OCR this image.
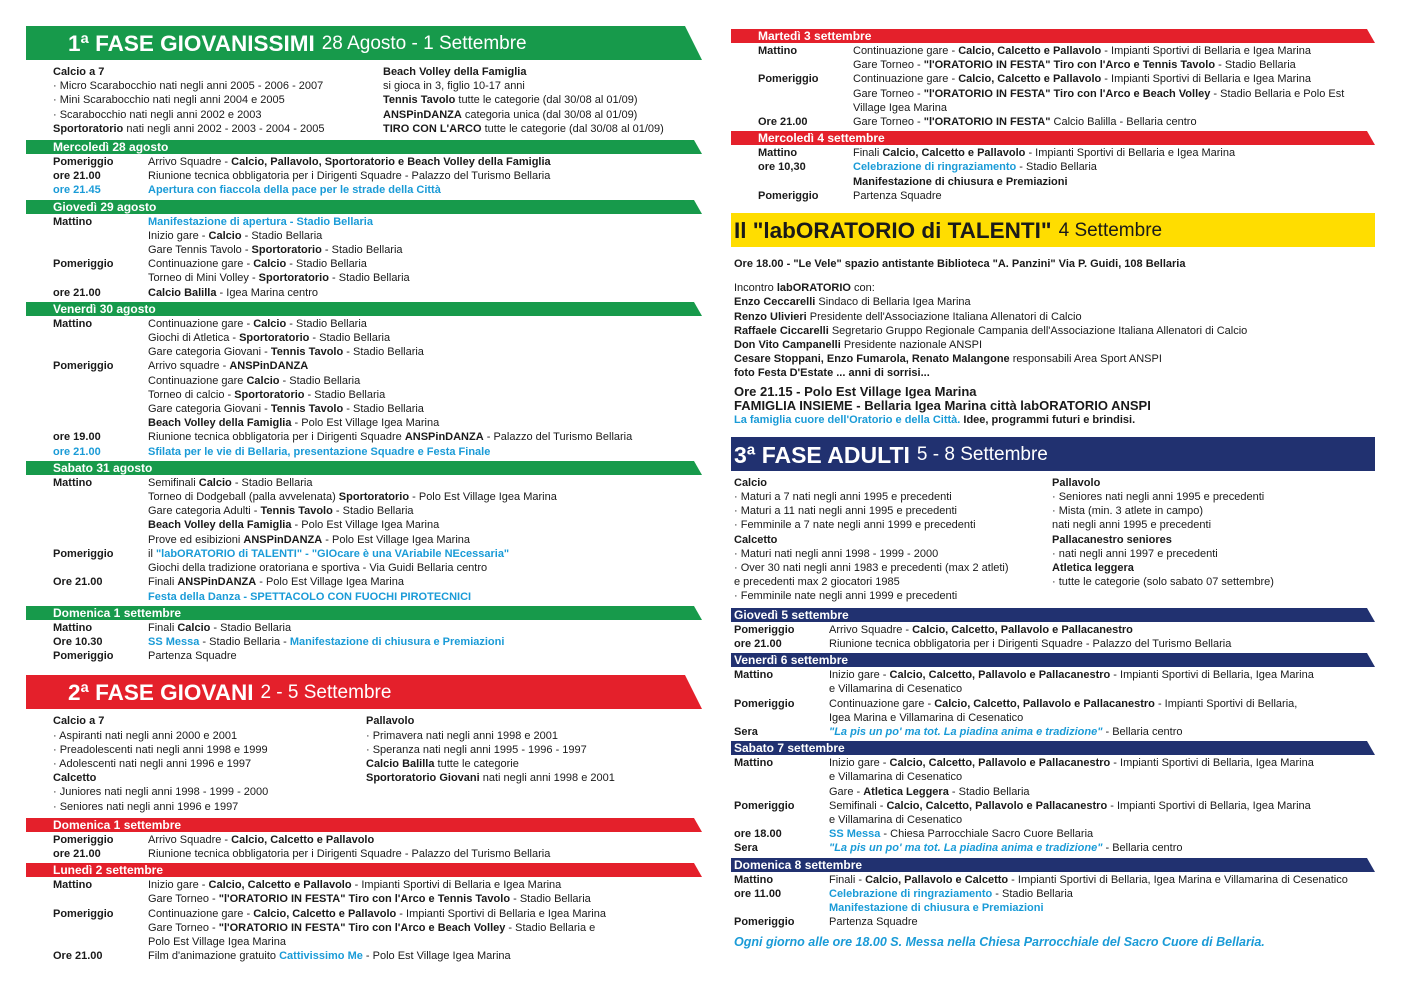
1ª FASE GIOVANISSIMI 28 Agosto - 1 Settembre

Calcio a 7

· Micro Scarabocchio nati negli anni 2005 - 2006 - 2007

· Mini Scarabocchio nati negli anni 2004 e 2005

· Scarabocchio nati negli anni 2002 e 2003

Sportoratorio nati negli anni 2002 - 2003 - 2004 - 2005

Beach Volley della Famiglia

si gioca in 3, figlio 10-17 anni

Tennis Tavolo tutte le categorie (dal 30/08 al 01/09)

ANSPinDANZA categoria unica (dal 30/08 al 01/09)

TIRO CON L'ARCO tutte le categorie (dal 30/08 al 01/09)

Mercoledì 28 agosto
Pomeriggio	Arrivo Squadre - Calcio, Pallavolo, Sportoratorio e Beach Volley della Famiglia
ore 21.00	Riunione tecnica obbligatoria per i Dirigenti Squadre - Palazzo del Turismo Bellaria
ore 21.45	Apertura con fiaccola della pace per le strade della Città
Giovedì 29 agosto
Mattino	Manifestazione di apertura - Stadio Bellaria
Inizio gare - Calcio - Stadio Bellaria
Gare Tennis Tavolo - Sportoratorio - Stadio Bellaria
Pomeriggio	Continuazione gare - Calcio - Stadio Bellaria
Torneo di Mini Volley - Sportoratorio - Stadio Bellaria
ore 21.00	Calcio Balilla - Igea Marina centro
Venerdì 30 agosto
Mattino	Continuazione gare - Calcio - Stadio Bellaria
Giochi di Atletica - Sportoratorio - Stadio Bellaria
Gare categoria Giovani - Tennis Tavolo - Stadio Bellaria
Pomeriggio	Arrivo squadre - ANSPinDANZA
Continuazione gare Calcio - Stadio Bellaria
Torneo di calcio - Sportoratorio - Stadio Bellaria
Gare categoria Giovani - Tennis Tavolo - Stadio Bellaria
Beach Volley della Famiglia - Polo Est Village Igea Marina
ore 19.00	Riunione tecnica obbligatoria per i Dirigenti Squadre ANSPinDANZA - Palazzo del Turismo Bellaria
ore 21.00	Sfilata per le vie di Bellaria, presentazione Squadre e Festa Finale
Sabato 31 agosto
Mattino	Semifinali Calcio - Stadio Bellaria
Torneo di Dodgeball (palla avvelenata) Sportoratorio - Polo Est Village Igea Marina
Gare categoria Adulti - Tennis Tavolo - Stadio Bellaria
Beach Volley della Famiglia - Polo Est Village Igea Marina
Prove ed esibizioni ANSPinDANZA - Polo Est Village Igea Marina
Pomeriggio	il "labORATORIO di TALENTI" - "GIOcare è una VAriabile NEcessaria"
Giochi della tradizione oratoriana e sportiva - Via Guidi Bellaria centro
Ore 21.00	Finali ANSPinDANZA - Polo Est Village Igea Marina
Festa della Danza - SPETTACOLO CON FUOCHI PIROTECNICI
Domenica 1 settembre
Mattino	Finali Calcio - Stadio Bellaria
Ore 10.30	SS Messa - Stadio Bellaria - Manifestazione di chiusura e Premiazioni
Pomeriggio	Partenza Squadre
2ª FASE GIOVANI 2 - 5 Settembre

Calcio a 7

· Aspiranti nati negli anni 2000 e 2001

· Preadolescenti nati negli anni 1998 e 1999

· Adolescenti nati negli anni 1996 e 1997

Calcetto

· Juniores nati negli anni 1998 - 1999 - 2000

· Seniores nati negli anni 1996 e 1997

Pallavolo

· Primavera nati negli anni 1998 e 2001

· Speranza nati negli anni 1995 - 1996 - 1997

Calcio Balilla tutte le categorie

Sportoratorio Giovani nati negli anni 1998 e 2001

Domenica 1 settembre
Pomeriggio	Arrivo Squadre - Calcio, Calcetto e Pallavolo
ore 21.00	Riunione tecnica obbligatoria per i Dirigenti Squadre - Palazzo del Turismo Bellaria
Lunedì 2 settembre
Mattino	Inizio gare - Calcio, Calcetto e Pallavolo - Impianti Sportivi di Bellaria e Igea Marina
Gare Torneo - "l'ORATORIO IN FESTA" Tiro con l'Arco e Tennis Tavolo - Stadio Bellaria
Pomeriggio	Continuazione gare - Calcio, Calcetto e Pallavolo - Impianti Sportivi di Bellaria e Igea Marina
Gare Torneo - "l'ORATORIO IN FESTA" Tiro con l'Arco e Beach Volley - Stadio Bellaria e
Polo Est Village Igea Marina
Ore 21.00	Film d'animazione gratuito Cattivissimo Me - Polo Est Village Igea Marina
Martedì 3 settembre
Mattino	Continuazione gare - Calcio, Calcetto e Pallavolo - Impianti Sportivi di Bellaria e Igea Marina
Gare Torneo - "l'ORATORIO IN FESTA" Tiro con l'Arco e Tennis Tavolo - Stadio Bellaria
Pomeriggio	Continuazione gare - Calcio, Calcetto e Pallavolo - Impianti Sportivi di Bellaria e Igea Marina
Gare Torneo - "l'ORATORIO IN FESTA" Tiro con l'Arco e Beach Volley - Stadio Bellaria e Polo Est
Village Igea Marina
Ore 21.00	Gare Torneo - "l'ORATORIO IN FESTA" Calcio Balilla - Bellaria centro
Mercoledì 4 settembre
Mattino	Finali Calcio, Calcetto e Pallavolo - Impianti Sportivi di Bellaria e Igea Marina
ore 10,30	Celebrazione di ringraziamento - Stadio Bellaria
Manifestazione di chiusura e Premiazioni
Pomeriggio	Partenza Squadre
Il "labORATORIO di TALENTI" 4 Settembre

Ore 18.00 - "Le Vele" spazio antistante Biblioteca "A. Panzini" Via P. Guidi, 108 Bellaria

Incontro labORATORIO con:

Enzo Ceccarelli Sindaco di Bellaria Igea Marina

Renzo Ulivieri Presidente dell'Associazione Italiana Allenatori di Calcio

Raffaele Ciccarelli Segretario Gruppo Regionale Campania dell'Associazione Italiana Allenatori di Calcio

Don Vito Campanelli Presidente nazionale ANSPI

Cesare Stoppani, Enzo Fumarola, Renato Malangone responsabili Area Sport ANSPI

foto Festa D'Estate ... anni di sorrisi...

Ore 21.15 - Polo Est Village Igea Marina

FAMIGLIA INSIEME - Bellaria Igea Marina città labORATORIO ANSPI

La famiglia cuore dell'Oratorio e della Città. Idee, programmi futuri e brindisi.

3ª FASE ADULTI 5 - 8 Settembre

Calcio

· Maturi a 7 nati negli anni 1995 e precedenti

· Maturi a 11 nati negli anni 1995 e precedenti

· Femminile a 7 nate negli anni 1999 e precedenti

Calcetto

· Maturi nati negli anni 1998 - 1999 - 2000

· Over 30 nati negli anni 1983 e precedenti (max 2 atleti)

e precedenti max 2 giocatori 1985

· Femminile nate negli anni 1999 e precedenti

Pallavolo

· Seniores nati negli anni 1995 e precedenti

· Mista (min. 3 atlete in campo)

nati negli anni 1995 e precedenti

Pallacanestro seniores

· nati negli anni 1997 e precedenti

Atletica leggera

· tutte le categorie (solo sabato 07 settembre)

Giovedì 5 settembre
Pomeriggio	Arrivo Squadre - Calcio, Calcetto, Pallavolo e Pallacanestro
ore 21.00	Riunione tecnica obbligatoria per i Dirigenti Squadre - Palazzo del Turismo Bellaria
Venerdì 6 settembre
Mattino	Inizio gare - Calcio, Calcetto, Pallavolo e Pallacanestro - Impianti Sportivi di Bellaria, Igea Marina
e Villamarina di Cesenatico
Pomeriggio	Continuazione gare - Calcio, Calcetto, Pallavolo e Pallacanestro - Impianti Sportivi di Bellaria,
Igea Marina e Villamarina di Cesenatico
Sera	"La pis un po' ma tot. La piadina anima e tradizione" - Bellaria centro
Sabato 7 settembre
Mattino	Inizio gare - Calcio, Calcetto, Pallavolo e Pallacanestro - Impianti Sportivi di Bellaria, Igea Marina
e Villamarina di Cesenatico
Gare - Atletica Leggera - Stadio Bellaria
Pomeriggio	Semifinali - Calcio, Calcetto, Pallavolo e Pallacanestro - Impianti Sportivi di Bellaria, Igea Marina
e Villamarina di Cesenatico
ore 18.00	SS Messa - Chiesa Parrocchiale Sacro Cuore Bellaria
Sera	"La pis un po' ma tot. La piadina anima e tradizione" - Bellaria centro
Domenica 8 settembre
Mattino	Finali - Calcio, Pallavolo e Calcetto - Impianti Sportivi di Bellaria, Igea Marina e Villamarina di Cesenatico
ore 11.00	Celebrazione di ringraziamento - Stadio Bellaria
Manifestazione di chiusura e Premiazioni
Pomeriggio	Partenza Squadre

Ogni giorno alle ore 18.00 S. Messa nella Chiesa Parrocchiale del Sacro Cuore di Bellaria.
